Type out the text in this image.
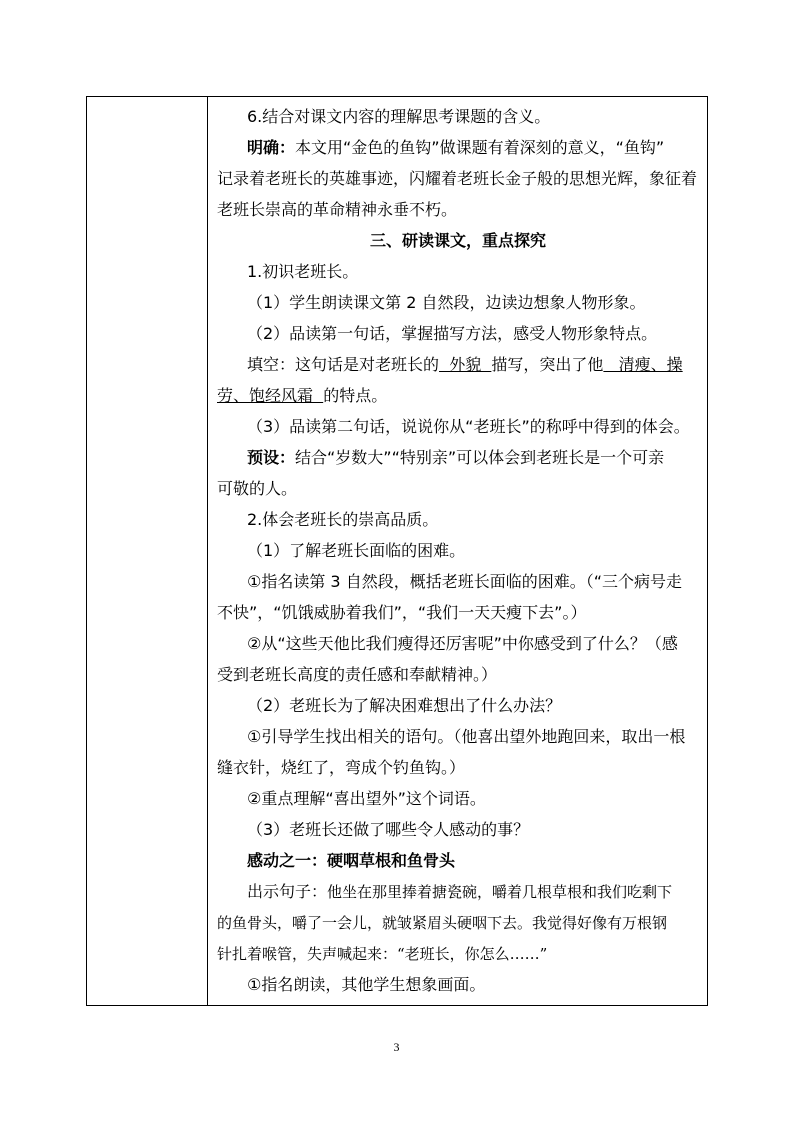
6.结合对课文内容的理解思考课题的含义。
明确：本文用“金色的鱼钩”做课题有着深刻的意义，“鱼钩”
记录着老班长的英雄事迹，闪耀着老班长金子般的思想光辉，象征着
老班长崇高的革命精神永垂不朽。
三、研读课文，重点探究
1.初识老班长。
（1）学生朗读课文第 2 自然段，边读边想象人物形象。
（2）品读第一句话，掌握描写方法，感受人物形象特点。
填空：这句话是对老班长的  外貌  描写，突出了他   清瘦、操
劳、饱经风霜  的特点。
（3）品读第二句话，说说你从“老班长”的称呼中得到的体会。
预设：结合“岁数大”“特别亲”可以体会到老班长是一个可亲
可敬的人。
2.体会老班长的崇高品质。
（1）了解老班长面临的困难。
①指名读第 3 自然段，概括老班长面临的困难。（“三个病号走
不快”，“饥饿威胁着我们”，“我们一天天瘦下去”。）
②从“这些天他比我们瘦得还厉害呢”中你感受到了什么？（感
受到老班长高度的责任感和奉献精神。）
（2）老班长为了解决困难想出了什么办法？
①引导学生找出相关的语句。（他喜出望外地跑回来，取出一根
缝衣针，烧红了，弯成个钓鱼钩。）
②重点理解“喜出望外”这个词语。
（3）老班长还做了哪些令人感动的事？
感动之一：硬咽草根和鱼骨头
出示句子：他坐在那里捧着搪瓷碗，嚼着几根草根和我们吃剩下
的鱼骨头，嚼了一会儿，就皱紧眉头硬咽下去。我觉得好像有万根钢
针扎着喉管，失声喊起来：“老班长，你怎么……”
①指名朗读，其他学生想象画面。
3
